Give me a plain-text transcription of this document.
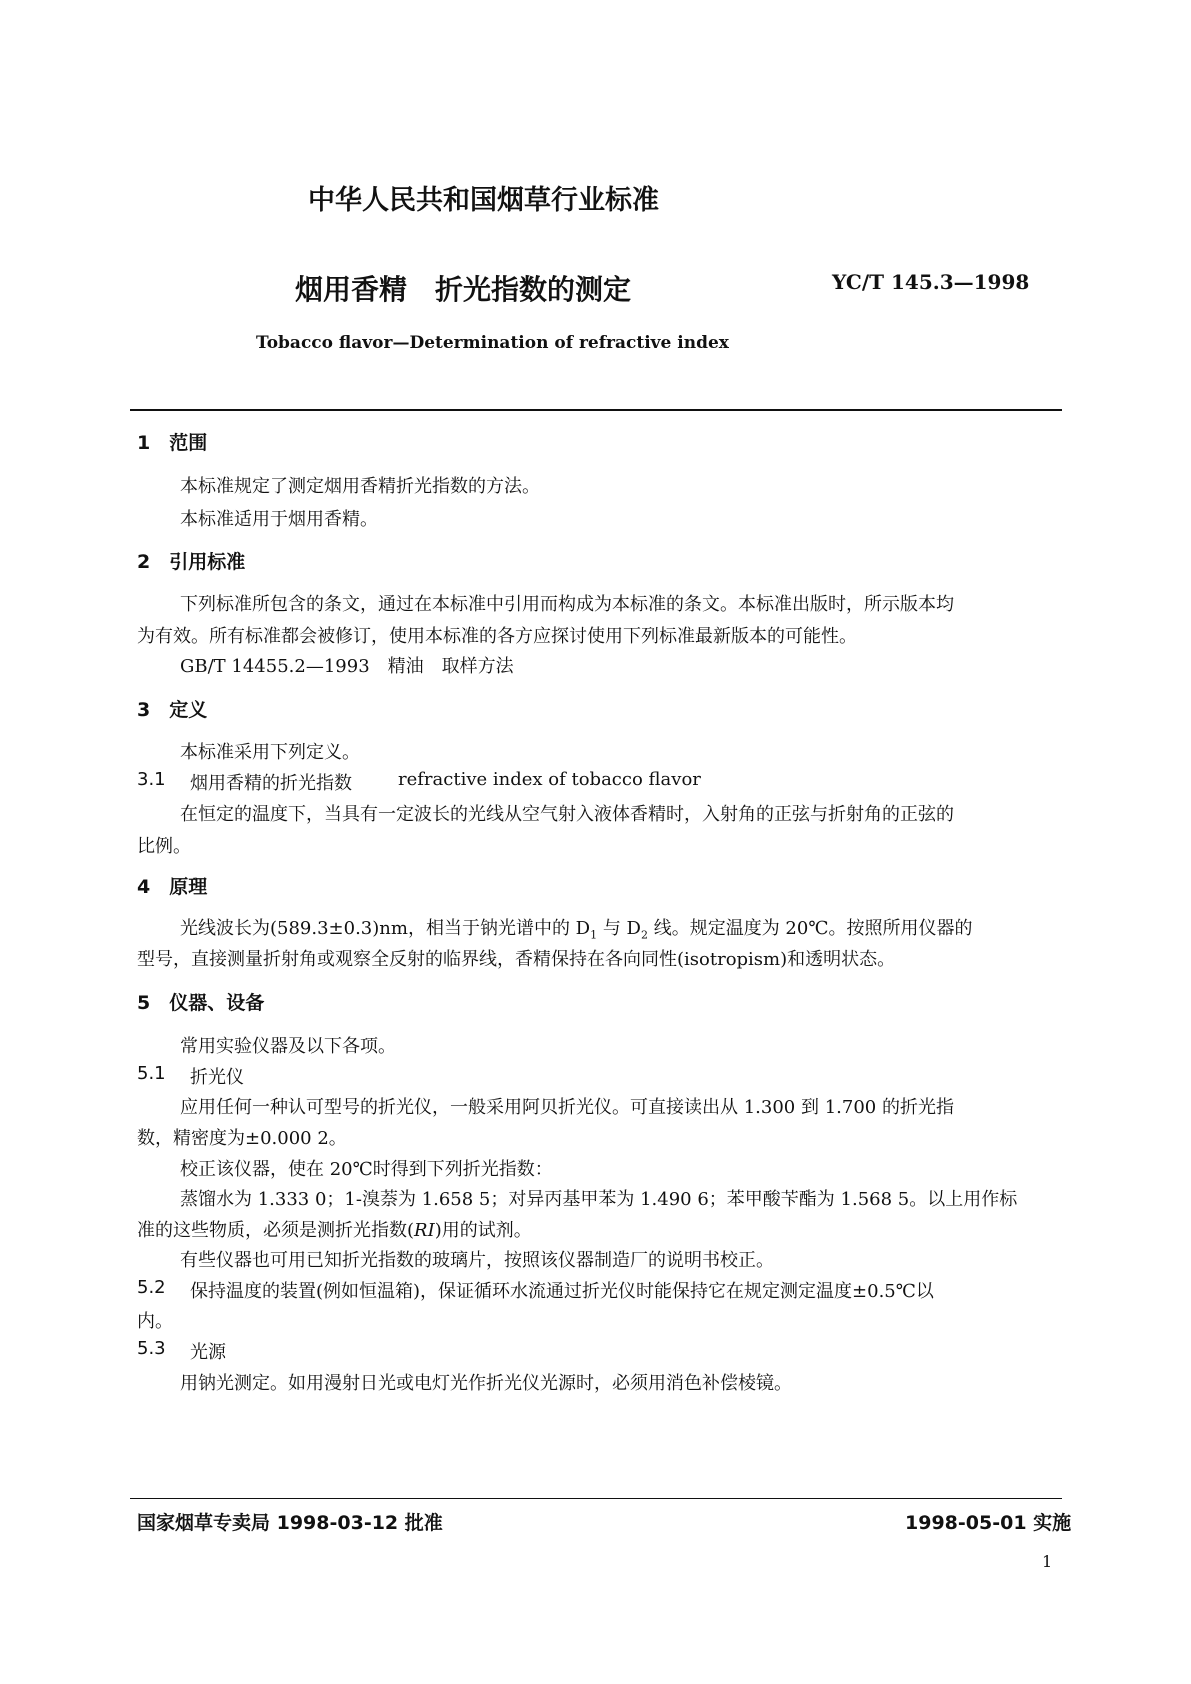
中华人民共和国烟草行业标准
烟用香精　折光指数的测定	YC/T 145.3—1998
Tobacco flavor—Determination of refractive index
1　范围
本标准规定了测定烟用香精折光指数的方法。
本标准适用于烟用香精。
2　引用标准
下列标准所包含的条文，通过在本标准中引用而构成为本标准的条文。本标准出版时，所示版本均
为有效。所有标准都会被修订，使用本标准的各方应探讨使用下列标准最新版本的可能性。
GB/T 14455.2—1993　精油　取样方法
3　定义
本标准采用下列定义。
3.1 烟用香精的折光指数	refractive index of tobacco flavor
在恒定的温度下，当具有一定波长的光线从空气射入液体香精时，入射角的正弦与折射角的正弦的
比例。
4　原理
光线波长为(589.3±0.3)nm，相当于钠光谱中的 $D_1$ 与 $D_2$ 线。规定温度为 20℃。按照所用仪器的
型号，直接测量折射角或观察全反射的临界线，香精保持在各向同性(isotropism)和透明状态。
5　仪器、设备
常用实验仪器及以下各项。
5.1 折光仪
应用任何一种认可型号的折光仪，一般采用阿贝折光仪。可直接读出从 1.300 到 1.700 的折光指
数，精密度为±0.000 2。
校正该仪器，使在 20℃时得到下列折光指数：
蒸馏水为 1.333 0；1-溴萘为 1.658 5；对异丙基甲苯为 1.490 6；苯甲酸苄酯为 1.568 5。以上用作标
准的这些物质，必须是测折光指数(RI)用的试剂。
有些仪器也可用已知折光指数的玻璃片，按照该仪器制造厂的说明书校正。
5.2 保持温度的装置(例如恒温箱)，保证循环水流通过折光仪时能保持它在规定测定温度±0.5℃以
内。
5.3 光源
用钠光测定。如用漫射日光或电灯光作折光仪光源时，必须用消色补偿棱镜。
国家烟草专卖局 1998-03-12 批准	1998-05-01 实施
1
